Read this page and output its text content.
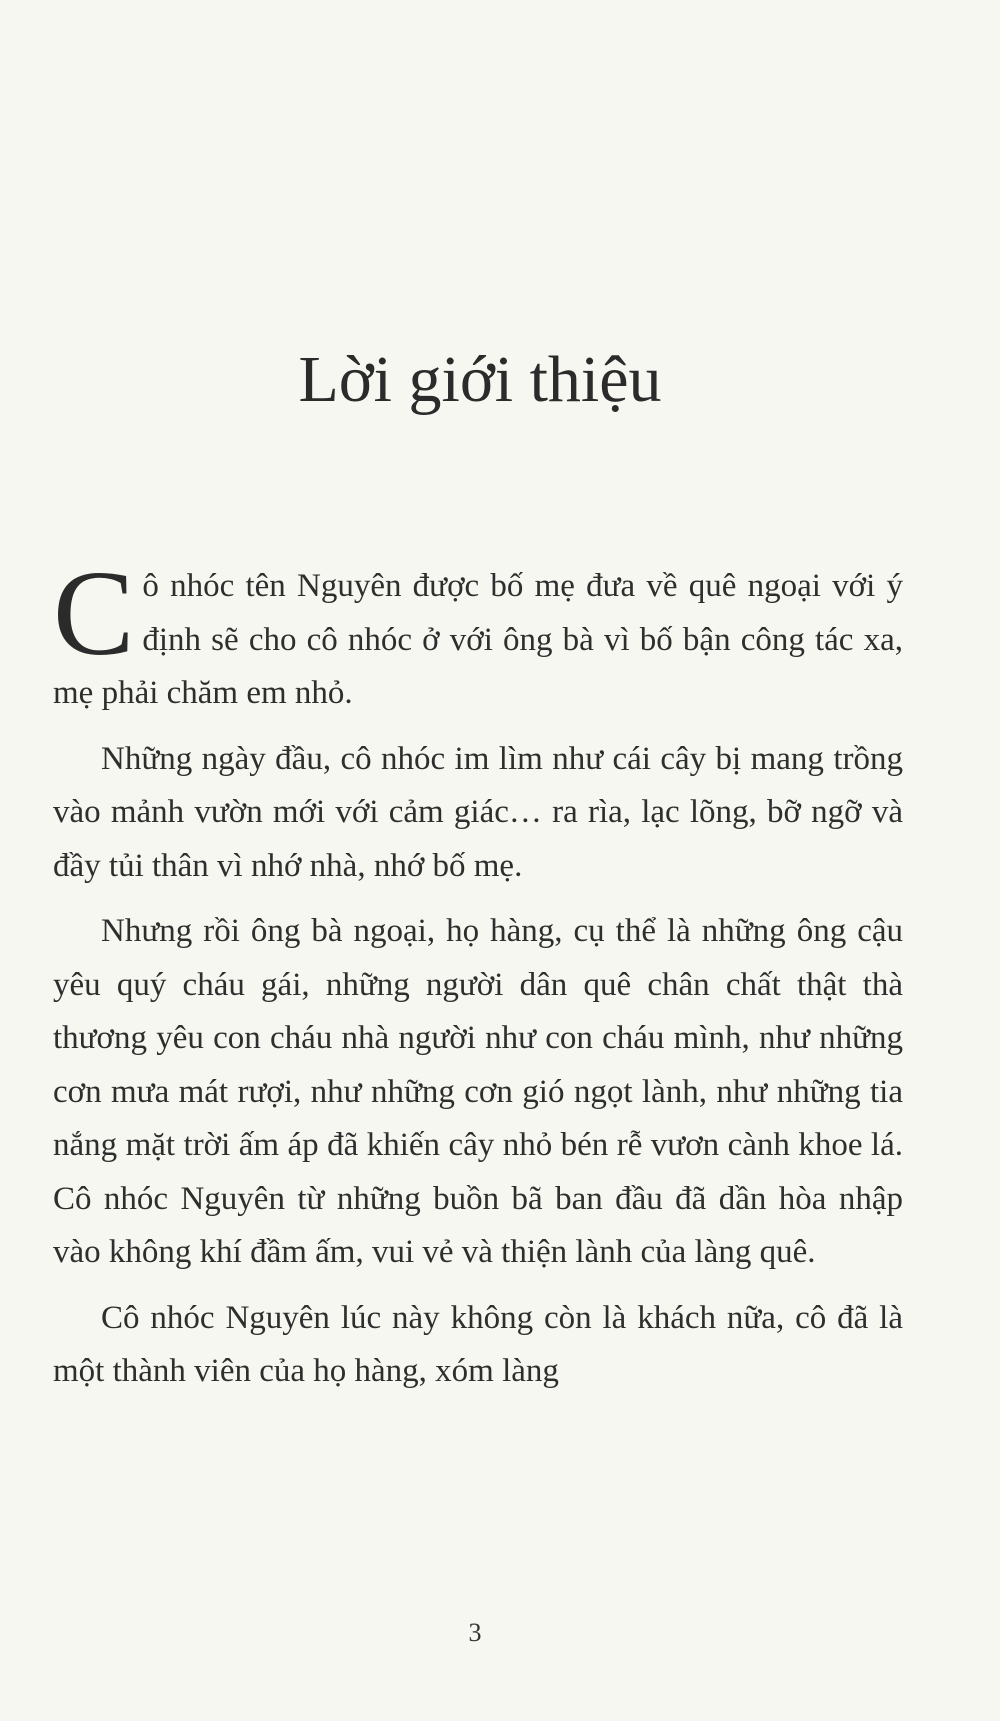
Lời giới thiệu

Cô nhóc tên Nguyên được bố mẹ đưa về quê ngoại với ý định sẽ cho cô nhóc ở với ông bà vì bố bận công tác xa, mẹ phải chăm em nhỏ.

Những ngày đầu, cô nhóc im lìm như cái cây bị mang trồng vào mảnh vườn mới với cảm giác… ra rìa, lạc lõng, bỡ ngỡ và đầy tủi thân vì nhớ nhà, nhớ bố mẹ.

Nhưng rồi ông bà ngoại, họ hàng, cụ thể là những ông cậu yêu quý cháu gái, những người dân quê chân chất thật thà thương yêu con cháu nhà người như con cháu mình, như những cơn mưa mát rượi, như những cơn gió ngọt lành, như những tia nắng mặt trời ấm áp đã khiến cây nhỏ bén rễ vươn cành khoe lá. Cô nhóc Nguyên từ những buồn bã ban đầu đã dần hòa nhập vào không khí đầm ấm, vui vẻ và thiện lành của làng quê.

Cô nhóc Nguyên lúc này không còn là khách nữa, cô đã là một thành viên của họ hàng, xóm làng

3
